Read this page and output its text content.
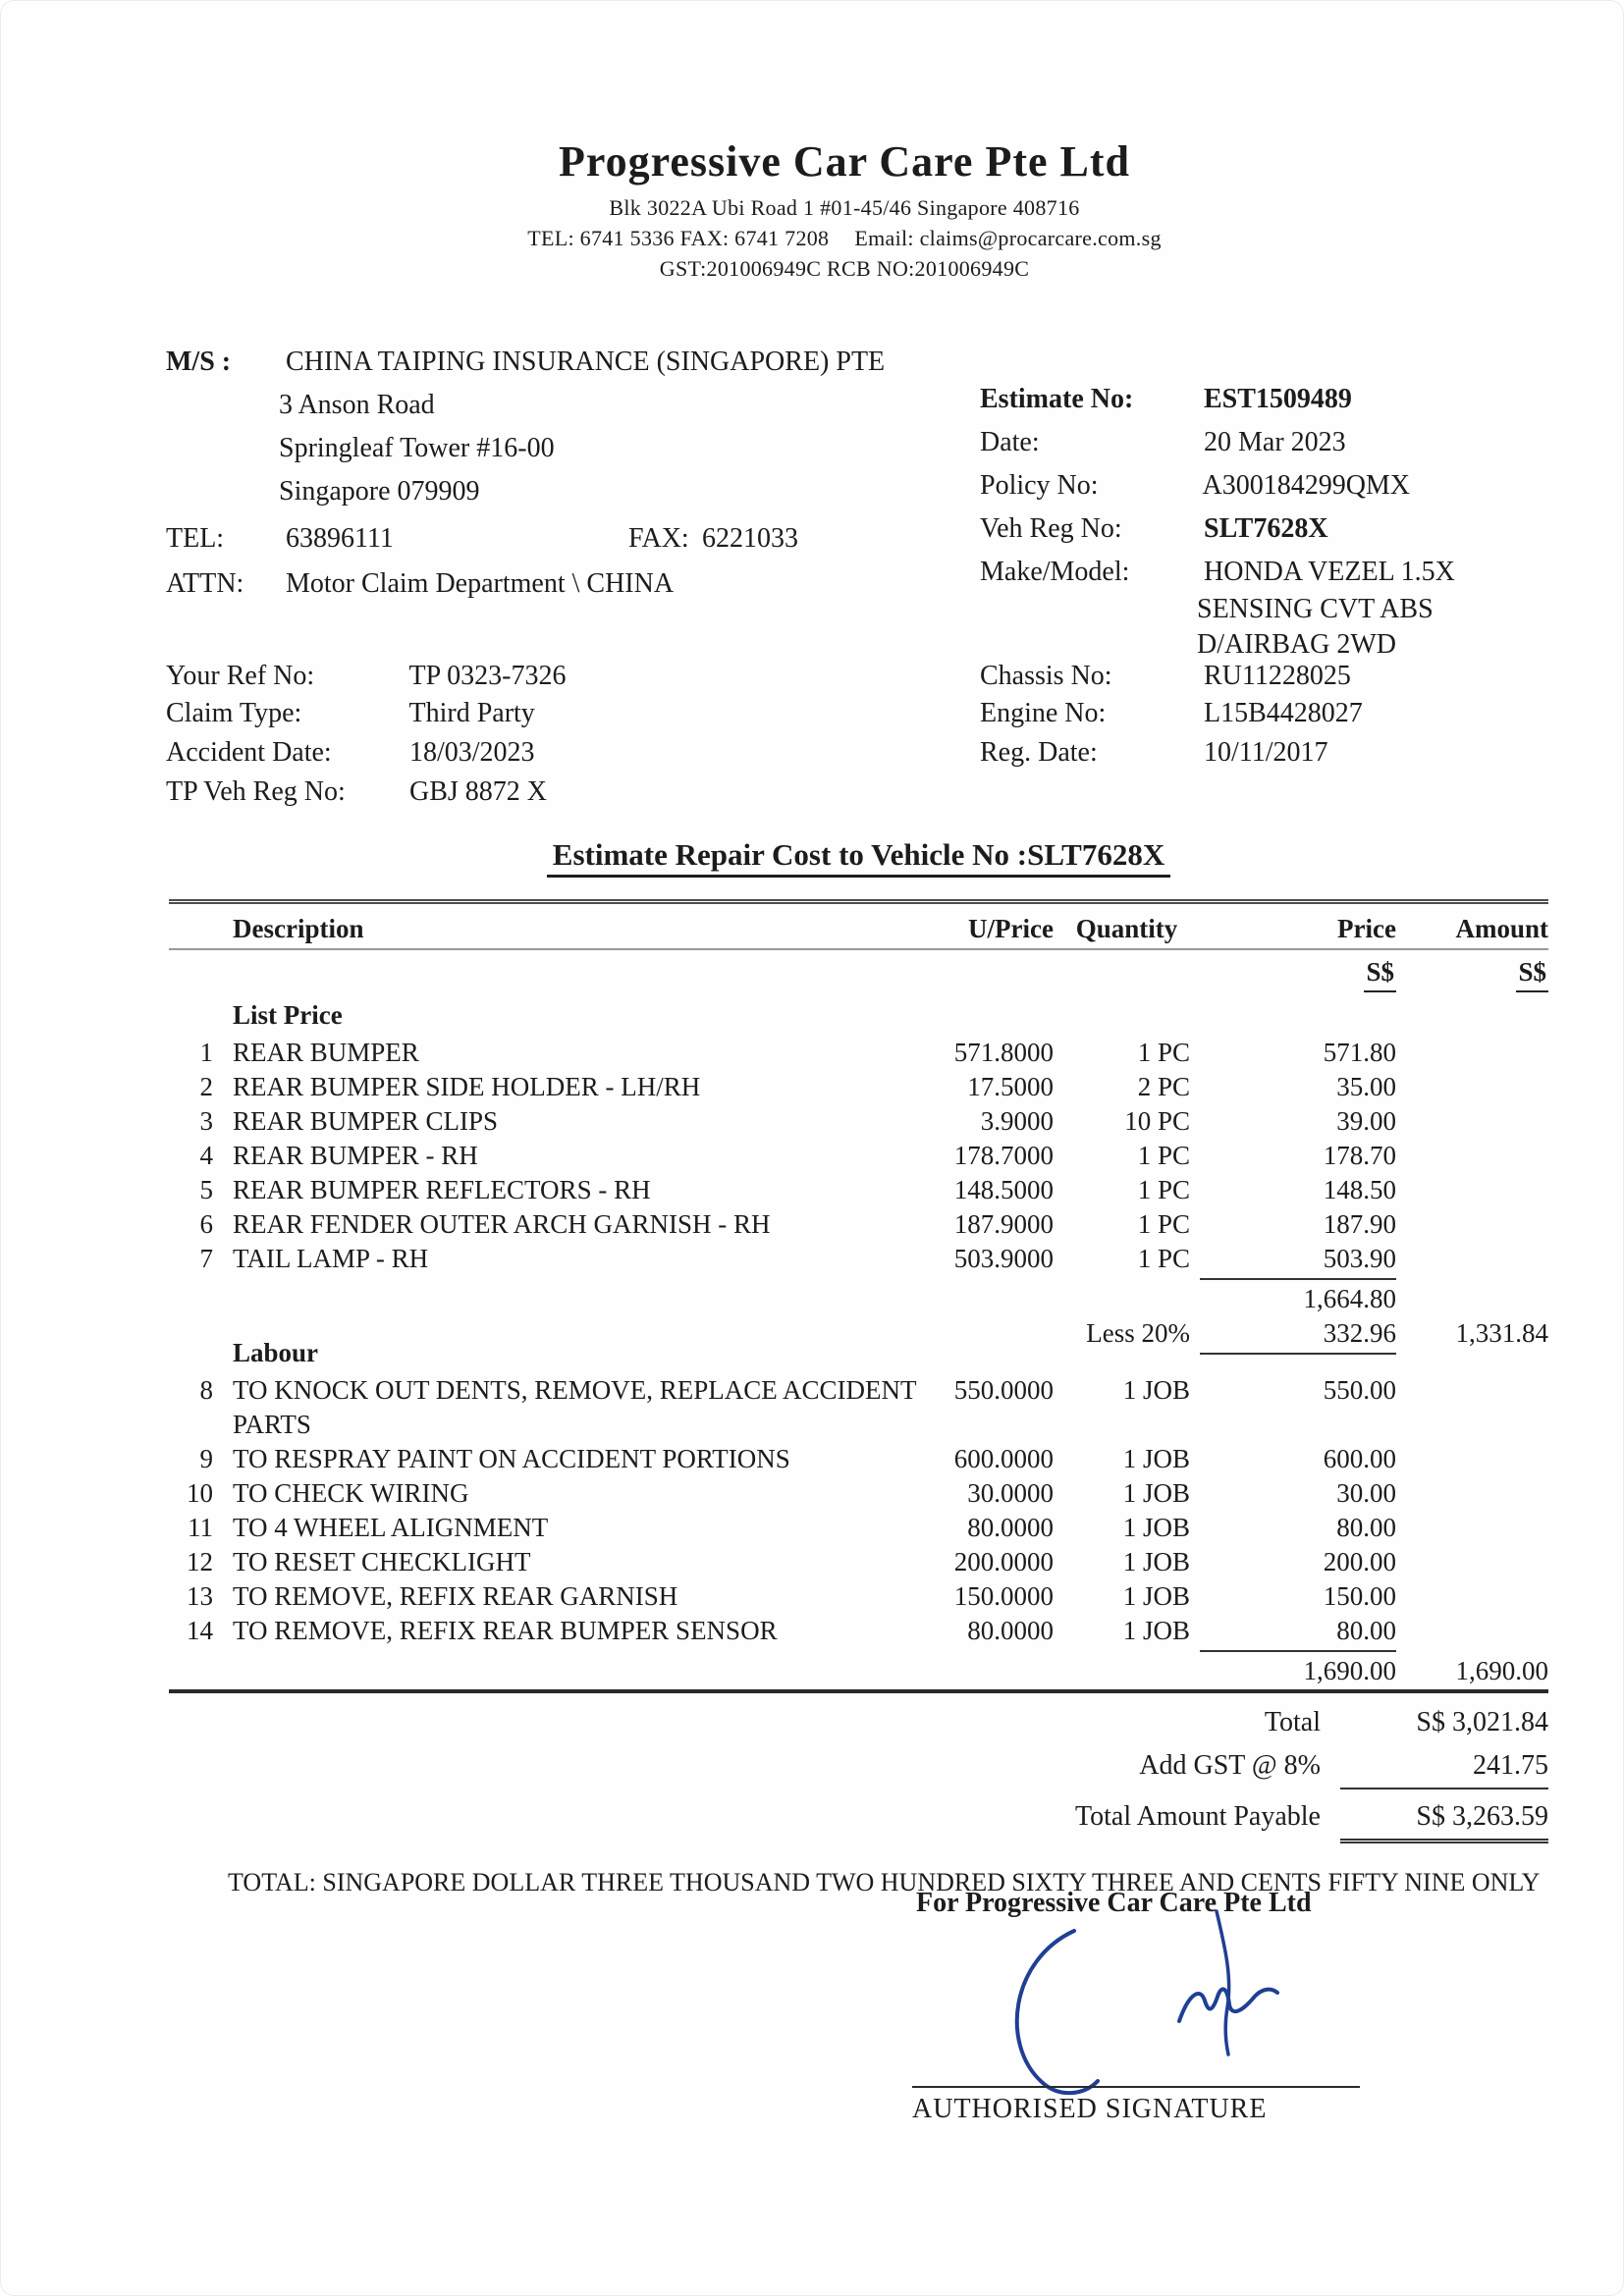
Progressive Car Care Pte Ltd
Blk 3022A Ubi Road 1 #01-45/46 Singapore 408716
TEL: 6741 5336 FAX: 6741 7208 Email: claims@procarcare.com.sg
GST:201006949C RCB NO:201006949C
M/S : CHINA TAIPING INSURANCE (SINGAPORE) PTE
3 Anson Road
Springleaf Tower #16-00
Singapore 079909
TEL: 63896111	FAX: 6221033
ATTN: Motor Claim Department \ CHINA
Estimate No:	EST1509489
Date:	20 Mar 2023
Policy No:	A300184299QMX
Veh Reg No:	SLT7628X
Make/Model:	HONDA VEZEL 1.5X
SENSING CVT ABS
D/AIRBAG 2WD
Your Ref No:	TP 0323-7326
Claim Type:	Third Party
Accident Date:	18/03/2023
TP Veh Reg No: GBJ 8872 X
Chassis No:	RU11228025
Engine No:	L15B4428027
Reg. Date:	10/11/2017
Estimate Repair Cost to Vehicle No :SLT7628X
Description	U/Price Quantity	Price	Amount
S$	S$
List Price
1 REAR BUMPER	571.8000	1 PC	571.80
2 REAR BUMPER SIDE HOLDER - LH/RH	17.5000	2 PC	35.00
3 REAR BUMPER CLIPS	3.9000	10 PC	39.00
4 REAR BUMPER - RH	178.7000	1 PC	178.70
5 REAR BUMPER REFLECTORS - RH	148.5000	1 PC	148.50
6 REAR FENDER OUTER ARCH GARNISH - RH	187.9000	1 PC	187.90
7 TAIL LAMP - RH	503.9000	1 PC	503.90
1,664.80
Less 20%	332.96	1,331.84
Labour
8 TO KNOCK OUT DENTS, REMOVE, REPLACE ACCIDENT
PARTS
550.0000	1 JOB	550.00
9 TO RESPRAY PAINT ON ACCIDENT PORTIONS	600.0000	1 JOB	600.00
10 TO CHECK WIRING	30.0000	1 JOB	30.00
11 TO 4 WHEEL ALIGNMENT	80.0000	1 JOB	80.00
12 TO RESET CHECKLIGHT	200.0000	1 JOB	200.00
13 TO REMOVE, REFIX REAR GARNISH	150.0000	1 JOB	150.00
14 TO REMOVE, REFIX REAR BUMPER SENSOR	80.0000	1 JOB	80.00
1,690.00	1,690.00
Total	S$ 3,021.84
Add GST @ 8%	241.75
Total Amount Payable	S$ 3,263.59
TOTAL: SINGAPORE DOLLAR THREE THOUSAND TWO HUNDRED SIXTY THREE AND CENTS FIFTY NINE ONLY
For Progressive Car Care Pte Ltd
AUTHORISED SIGNATURE
